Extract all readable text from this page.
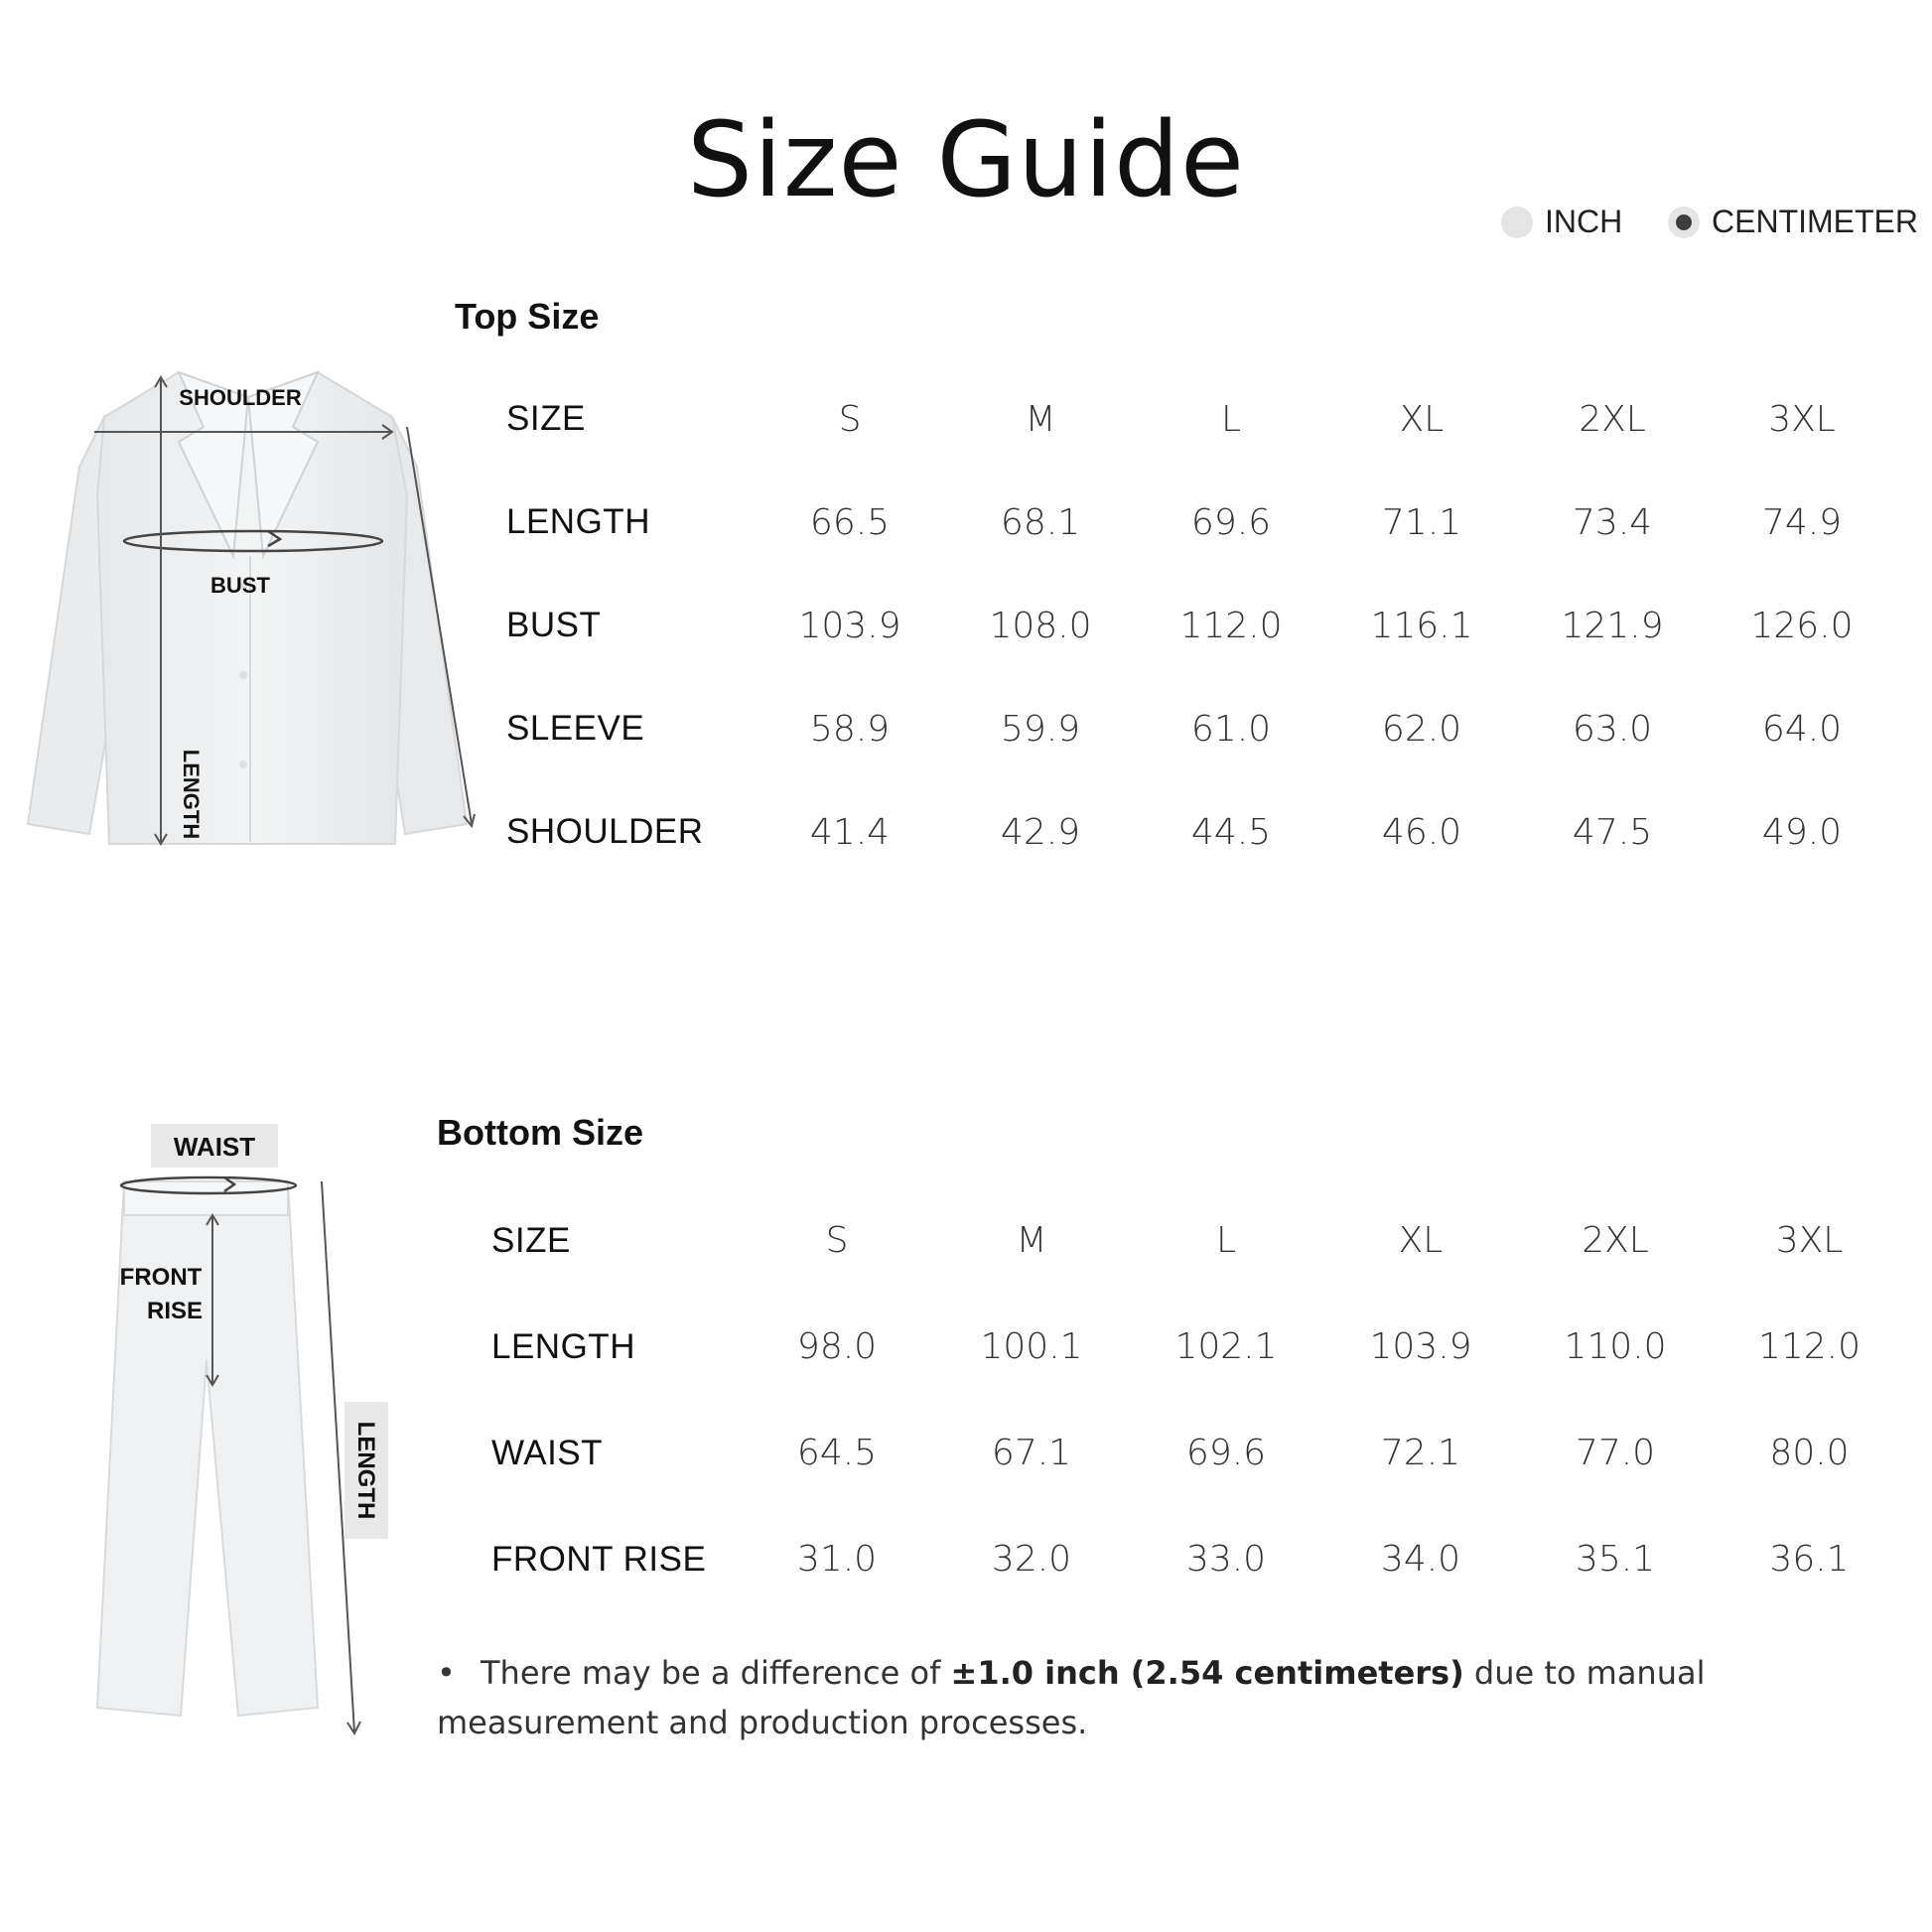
Size Guide
INCH	CENTIMETER
Top Size
SHOULDER
BUST
LENGTH
SIZE	S	M	L	XL	2XL	3XL
LENGTH	66.5	68.1	69.6	71.1	73.4	74.9
BUST	103.9	108.0	112.0	116.1	121.9	126.0
SLEEVE	58.9	59.9	61.0	62.0	63.0	64.0
SHOULDER	41.4	42.9	44.5	46.0	47.5	49.0
Bottom Size
WAIST
FRONT
RISE
LENGTH
SIZE	S	M	L	XL	2XL	3XL
LENGTH	98.0	100.1	102.1	103.9	110.0	112.0
WAIST	64.5	67.1	69.6	72.1	77.0	80.0
FRONT RISE	31.0	32.0	33.0	34.0	35.1	36.1
• There may be a difference of ±1.0 inch (2.54 centimeters) due to manual measurement and production processes.
